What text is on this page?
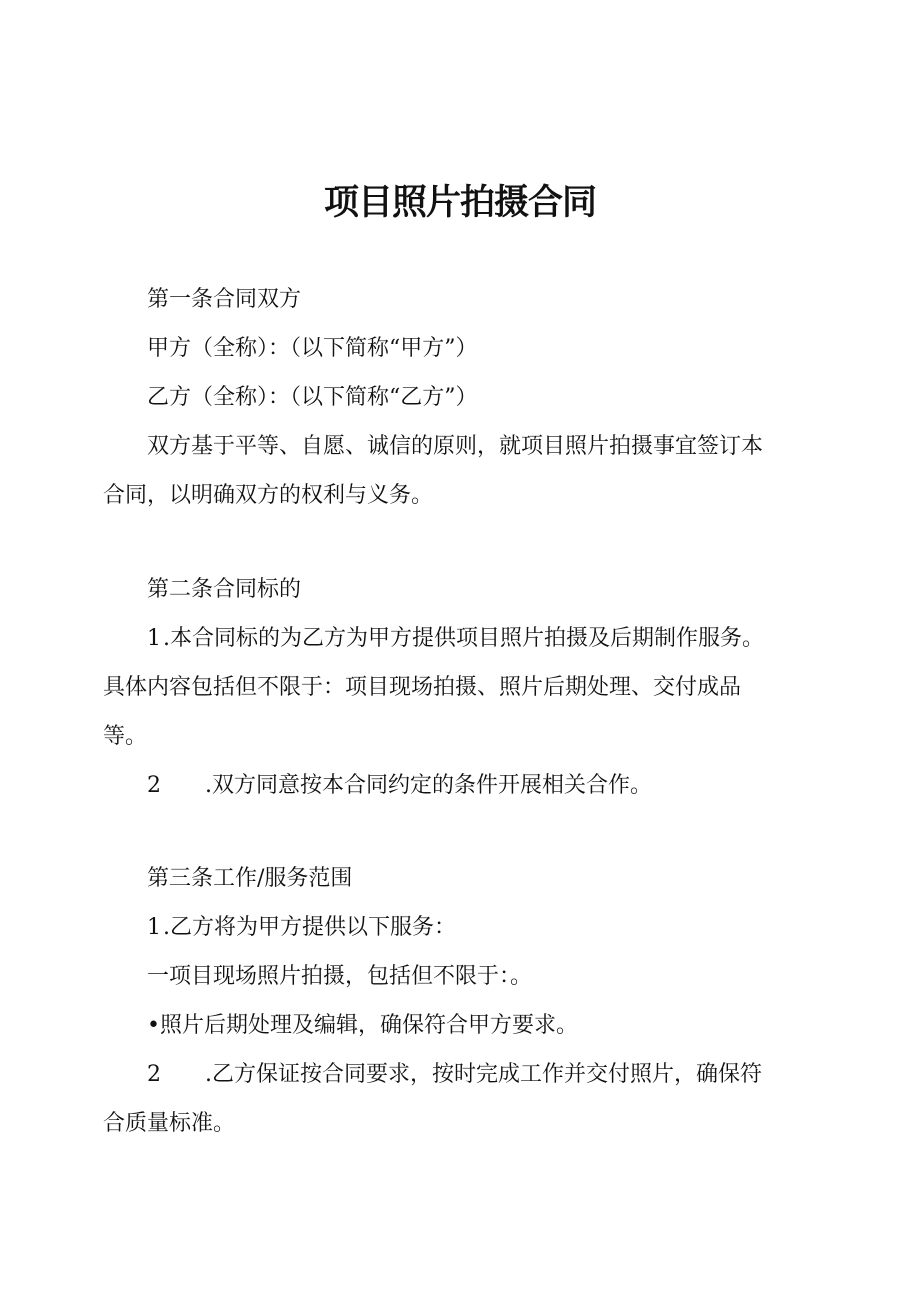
项目照片拍摄合同
第一条合同双方
甲方（全称）：（以下简称“甲方”）
乙方（全称）：（以下简称“乙方”）
双方基于平等、自愿、诚信的原则，就项目照片拍摄事宜签订本
合同，以明确双方的权利与义务。
第二条合同标的
1.本合同标的为乙方为甲方提供项目照片拍摄及后期制作服务。
具体内容包括但不限于：项目现场拍摄、照片后期处理、交付成品
等。
2 .双方同意按本合同约定的条件开展相关合作。
第三条工作/服务范围
1.乙方将为甲方提供以下服务：
一项目现场照片拍摄，包括但不限于：。
•照片后期处理及编辑，确保符合甲方要求。
2 .乙方保证按合同要求，按时完成工作并交付照片，确保符
合质量标准。
